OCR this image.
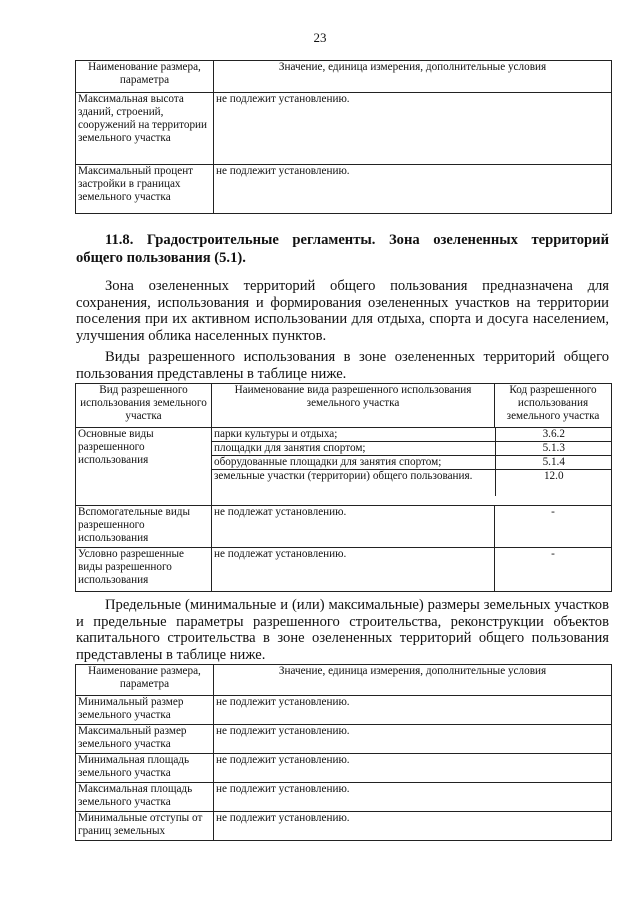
23
Наименование размера, параметра	Значение, единица измерения, дополнительные условия
Максимальная высота зданий, строений, сооружений на территории земельного участка	не подлежит установлению.
Максимальный процент застройки в границах земельного участка	не подлежит установлению.
11.8. Градостроительные регламенты. Зона озелененных территорий общего пользования (5.1).
Зона озелененных территорий общего пользования предназначена для сохранения, использования и формирования озелененных участков на территории поселения при их активном использовании для отдыха, спорта и досуга населением, улучшения облика населенных пунктов.
Виды разрешенного использования в зоне озелененных территорий общего пользования представлены в таблице ниже.
Вид разрешенного использования земельного участка	Наименование вида разрешенного использования земельного участка	Код разрешенного использования земельного участка
Основные виды разрешенного использования	
парки культуры и отдыха;	3.6.2
площадки для занятия спортом;	5.1.3
оборудованные площадки для занятия спортом;	5.1.4
земельные участки (территории) общего пользования.	12.0

Вспомогательные виды разрешенного использования	не подлежат установлению.	-
Условно разрешенные виды разрешенного использования	не подлежат установлению.	-
Предельные (минимальные и (или) максимальные) размеры земельных участков и предельные параметры разрешенного строительства, реконструкции объектов капитального строительства в зоне озелененных территорий общего пользования представлены в таблице ниже.
Наименование размера, параметра	Значение, единица измерения, дополнительные условия
Минимальный размер земельного участка	не подлежит установлению.
Максимальный размер земельного участка	не подлежит установлению.
Минимальная площадь земельного участка	не подлежит установлению.
Максимальная площадь земельного участка	не подлежит установлению.
Минимальные отступы от границ земельных	не подлежит установлению.
